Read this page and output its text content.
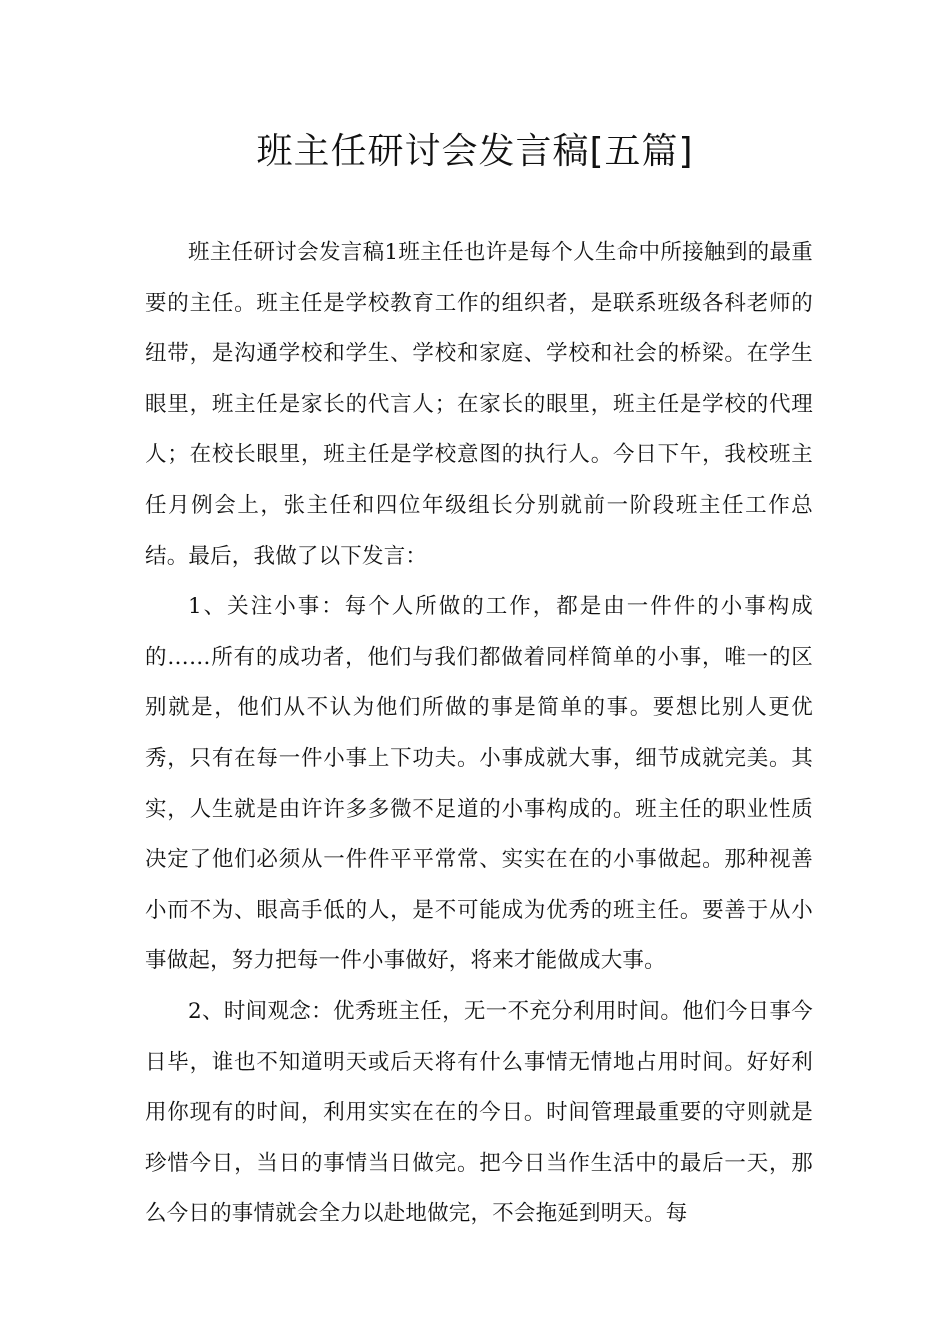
班主任研讨会发言稿[五篇]

班主任研讨会发言稿1班主任也许是每个人生命中所接触到的最重要的主任。班主任是学校教育工作的组织者，是联系班级各科老师的纽带，是沟通学校和学生、学校和家庭、学校和社会的桥梁。在学生眼里，班主任是家长的代言人；在家长的眼里，班主任是学校的代理人；在校长眼里，班主任是学校意图的执行人。今日下午，我校班主任月例会上，张主任和四位年级组长分别就前一阶段班主任工作总结。最后，我做了以下发言：

1、关注小事：每个人所做的工作，都是由一件件的小事构成的……所有的成功者，他们与我们都做着同样简单的小事，唯一的区别就是，他们从不认为他们所做的事是简单的事。要想比别人更优秀，只有在每一件小事上下功夫。小事成就大事，细节成就完美。其实，人生就是由许许多多微不足道的小事构成的。班主任的职业性质决定了他们必须从一件件平平常常、实实在在的小事做起。那种视善小而不为、眼高手低的人，是不可能成为优秀的班主任。要善于从小事做起，努力把每一件小事做好，将来才能做成大事。

2、时间观念：优秀班主任，无一不充分利用时间。他们今日事今日毕，谁也不知道明天或后天将有什么事情无情地占用时间。好好利用你现有的时间，利用实实在在的今日。时间管理最重要的守则就是珍惜今日，当日的事情当日做完。把今日当作生活中的最后一天，那么今日的事情就会全力以赴地做完，不会拖延到明天。每
